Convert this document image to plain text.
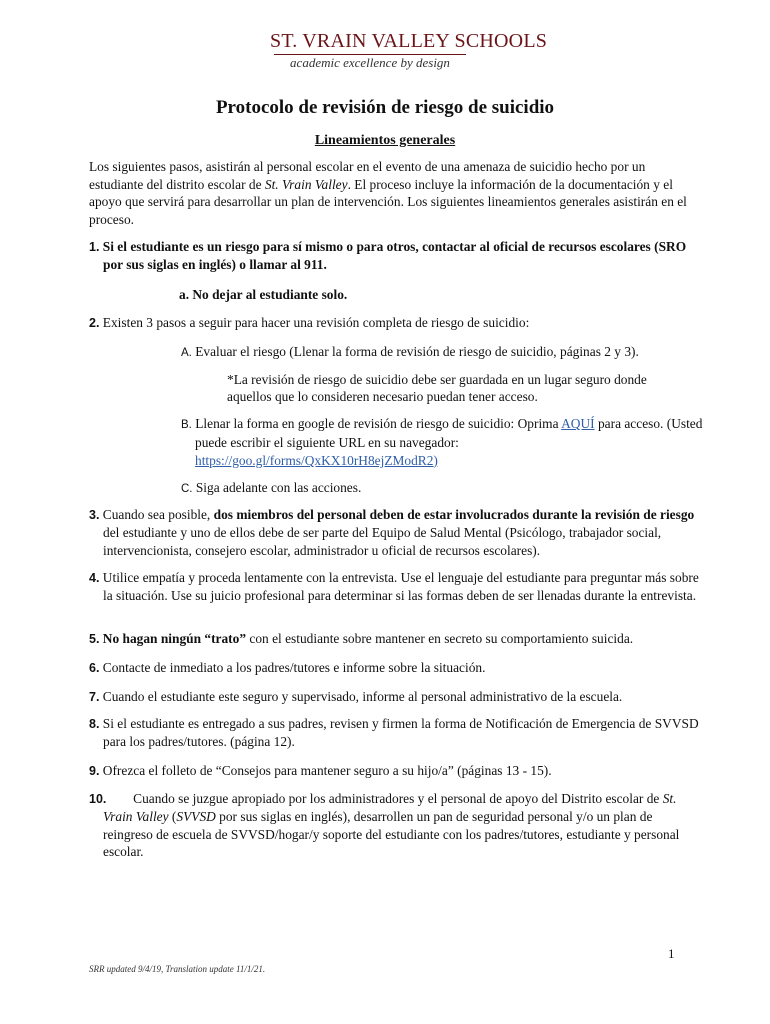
ST. VRAIN VALLEY SCHOOLS
academic excellence by design
Protocolo de revisión de riesgo de suicidio
Lineamientos generales

Los siguientes pasos, asistirán al personal escolar en el evento de una amenaza de suicidio hecho por un estudiante del distrito escolar de St. Vrain Valley. El proceso incluye la información de la documentación y el apoyo que servirá para desarrollar un plan de intervención. Los siguientes lineamientos generales asistirán en el proceso.

1. Si el estudiante es un riesgo para sí mismo o para otros, contactar al oficial de recursos escolares (SRO por sus siglas en inglés) o llamar al 911.

a. No dejar al estudiante solo.

2. Existen 3 pasos a seguir para hacer una revisión completa de riesgo de suicidio:

A. Evaluar el riesgo (Llenar la forma de revisión de riesgo de suicidio, páginas 2 y 3).

*La revisión de riesgo de suicidio debe ser guardada en un lugar seguro donde aquellos que lo consideren necesario puedan tener acceso.

B. Llenar la forma en google de revisión de riesgo de suicidio: Oprima AQUÍ para acceso. (Usted puede escribir el siguiente URL en su navegador: https://goo.gl/forms/QxKX10rH8ejZModR2)

C. Siga adelante con las acciones.

3. Cuando sea posible, dos miembros del personal deben de estar involucrados durante la revisión de riesgo del estudiante y uno de ellos debe de ser parte del Equipo de Salud Mental (Psicólogo, trabajador social, intervencionista, consejero escolar, administrador u oficial de recursos escolares).

4. Utilice empatía y proceda lentamente con la entrevista. Use el lenguaje del estudiante para preguntar más sobre la situación. Use su juicio profesional para determinar si las formas deben de ser llenadas durante la entrevista.

5. No hagan ningún “trato” con el estudiante sobre mantener en secreto su comportamiento suicida.

6. Contacte de inmediato a los padres/tutores e informe sobre la situación.

7. Cuando el estudiante este seguro y supervisado, informe al personal administrativo de la escuela.

8. Si el estudiante es entregado a sus padres, revisen y firmen la forma de Notificación de Emergencia de SVVSD para los padres/tutores. (página 12).

9. Ofrezca el folleto de “Consejos para mantener seguro a su hijo/a” (páginas 13 - 15).

10. Cuando se juzgue apropiado por los administradores y el personal de apoyo del Distrito escolar de St. Vrain Valley (SVVSD por sus siglas en inglés), desarrollen un pan de seguridad personal y/o un plan de reingreso de escuela de SVVSD/hogar/y soporte del estudiante con los padres/tutores, estudiante y personal escolar.

1
SRR updated 9/4/19, Translation update 11/1/21.
